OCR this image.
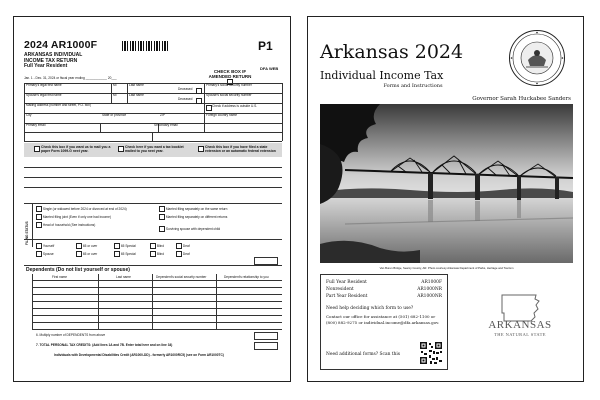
2024 AR1000F
ARKANSAS INDIVIDUAL
INCOME TAX RETURN
Full Year Resident
P1
CHECK BOX IF
AMENDED RETURN
DFA WEB
Jan. 1 - Dec. 31, 2024 or fiscal year ending ____________ 20___
Primary's legal first name	MI	Last name	Primary's social security number
Deceased
Spouse's legal first name	MI	Last name	Spouse's social security number
Deceased
Mailing address (number and street, P.O. box)	Check if address is outside U.S.
City	State or province	ZIP	Foreign country name
Primary email	Secondary email
Check this box if you want us to mail you a paper Form 1099-G next year.
Check here if you want a tax booklet mailed to you next year.
Check this box if you have filed a state extension or an automatic federal extension
FILING STATUS
Single (or widowed before 2024 or divorced at end of 2024)
Married filing joint (Even if only one had income)
Head of household (See instructions)
Married filing separately on the same return
Married filing separately on different returns
Surviving spouse with dependent child
Yourself
Spouse
65 or over
65 or over
65 Special
65 Special
Blind
Blind
Deaf
Deaf
Dependents (Do not list yourself or spouse)
First name	Last name	Dependent's social security number	Dependent's relationship to you
6. Multiply number of DEPENDENTS from above
7. TOTAL PERSONAL TAX CREDITS: (Add lines 1A and 7B. Enter total here and on line 34)
Individuals with Developmental Disabilities Credit (AR1000-DD) - formerly AR1000RC5) (see on Form AR1000TC)
Arkansas 2024
Individual Income Tax
Forms and Instructions
Governor Sarah Huckabee Sanders
Van Buren Bridge, Searcy County, AR. Photo courtesy Arkansas Department of Parks, Heritage and Tourism
Full Year Resident	AR1000F
Nonresident	AR1000NR
Part Year Resident	AR1000NR
Need help deciding which form to use?
Contact our office for assistance at (501) 682-1100 or
(800) 882-9275 or individual.income@dfa.arkansas.gov.
Need additional forms? Scan this
ARKANSAS
THE NATURAL STATE
